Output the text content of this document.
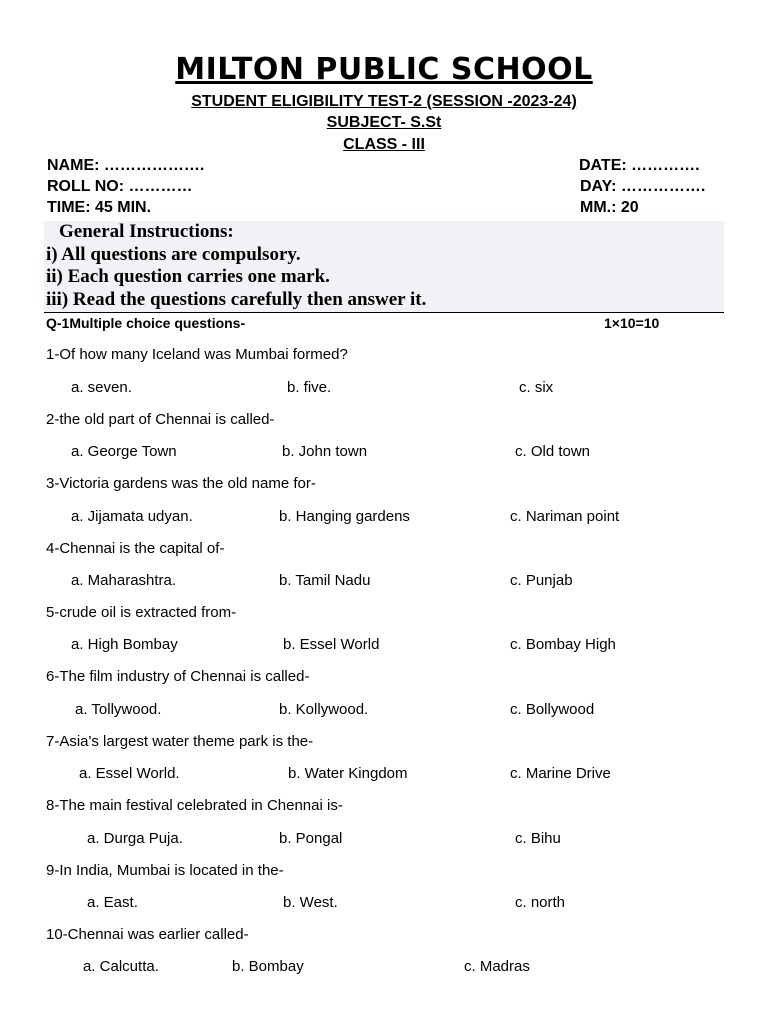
MILTON PUBLIC SCHOOL
STUDENT ELIGIBILITY TEST-2 (SESSION -2023-24)
SUBJECT- S.St
CLASS - III
NAME: ……………….	DATE: ………….
ROLL NO: …………	DAY: …………….
TIME: 45 MIN.	MM.: 20
General Instructions:
i) All questions are compulsory.
ii) Each question carries one mark.
iii) Read the questions carefully then answer it.
Q-1Multiple choice questions-	1×10=10
1-Of how many Iceland was Mumbai formed?
a. seven.	b. five.	c. six
2-the old part of Chennai is called-
a. George Town	b. John town	c. Old town
3-Victoria gardens was the old name for-
a. Jijamata udyan.	b. Hanging gardens	c. Nariman point
4-Chennai is the capital of-
a. Maharashtra.	b. Tamil Nadu	c. Punjab
5-crude oil is extracted from-
a. High Bombay	b. Essel World	c. Bombay High
6-The film industry of Chennai is called-
a. Tollywood.	b. Kollywood.	c. Bollywood
7-Asia's largest water theme park is the-
a. Essel World.	b. Water Kingdom	c. Marine Drive
8-The main festival celebrated in Chennai is-
a. Durga Puja.	b. Pongal	c. Bihu
9-In India, Mumbai is located in the-
a. East.	b. West.	c. north
10-Chennai was earlier called-
a. Calcutta.	b. Bombay	c. Madras
